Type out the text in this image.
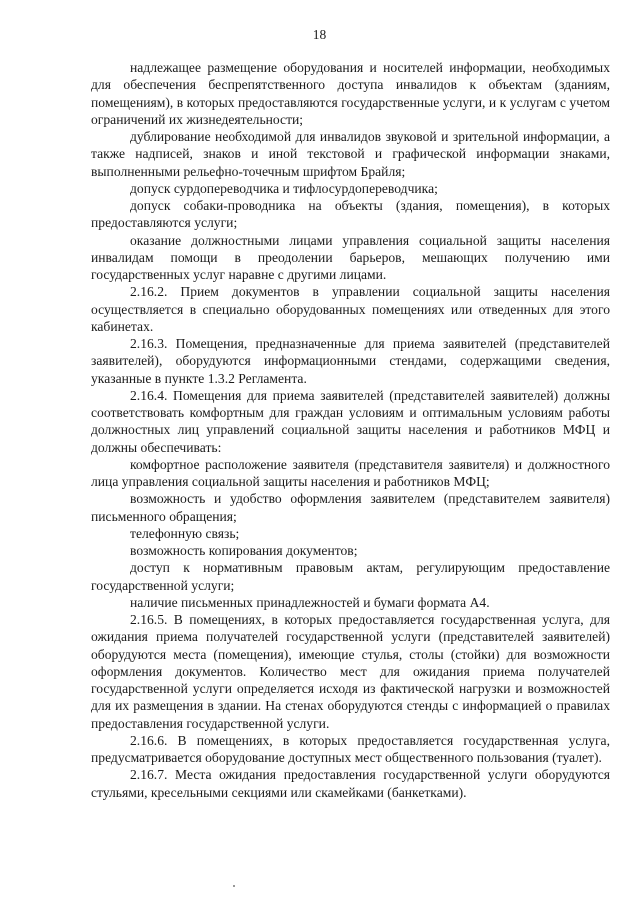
18

надлежащее размещение оборудования и носителей информации, необходимых для обеспечения беспрепятственного доступа инвалидов к объектам (зданиям, помещениям), в которых предоставляются государственные услуги, и к услугам с учетом ограничений их жизнедеятельности;

дублирование необходимой для инвалидов звуковой и зрительной информации, а также надписей, знаков и иной текстовой и графической информации знаками, выполненными рельефно-точечным шрифтом Брайля;

допуск сурдопереводчика и тифлосурдопереводчика;

допуск собаки-проводника на объекты (здания, помещения), в которых предоставляются услуги;

оказание должностными лицами управления социальной защиты населения инвалидам помощи в преодолении барьеров, мешающих получению ими государственных услуг наравне с другими лицами.

2.16.2. Прием документов в управлении социальной защиты населения осуществляется в специально оборудованных помещениях или отведенных для этого кабинетах.

2.16.3. Помещения, предназначенные для приема заявителей (представителей заявителей), оборудуются информационными стендами, содержащими сведения, указанные в пункте 1.3.2 Регламента.

2.16.4. Помещения для приема заявителей (представителей заявителей) должны соответствовать комфортным для граждан условиям и оптимальным условиям работы должностных лиц управлений социальной защиты населения и работников МФЦ и должны обеспечивать:

комфортное расположение заявителя (представителя заявителя) и должностного лица управления социальной защиты населения и работников МФЦ;

возможность и удобство оформления заявителем (представителем заявителя) письменного обращения;

телефонную связь;

возможность копирования документов;

доступ к нормативным правовым актам, регулирующим предоставление государственной услуги;

наличие письменных принадлежностей и бумаги формата А4.

2.16.5. В помещениях, в которых предоставляется государственная услуга, для ожидания приема получателей государственной услуги (представителей заявителей) оборудуются места (помещения), имеющие стулья, столы (стойки) для возможности оформления документов. Количество мест для ожидания приема получателей государственной услуги определяется исходя из фактической нагрузки и возможностей для их размещения в здании. На стенах оборудуются стенды с информацией о правилах предоставления государственной услуги.

2.16.6. В помещениях, в которых предоставляется государственная услуга, предусматривается оборудование доступных мест общественного пользования (туалет).

2.16.7. Места ожидания предоставления государственной услуги оборудуются стульями, кресельными секциями или скамейками (банкетками).
